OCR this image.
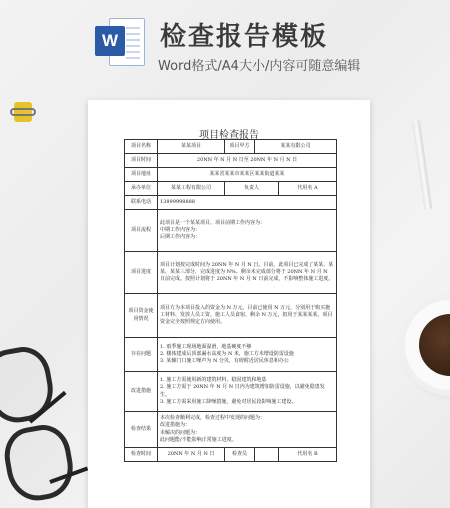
W 检查报告模板
Word格式/A4大小/内容可随意编辑
项目检查报告
项目名称	某某项目	项目甲方	某某有限公司	
项目时间	20NN 年 N 月 N 日至 20NN 年 N 月 N 日			
项目地址	某某省某某市某某区某某街道某某			
承办单位	某某工程有限公司	负责人		代用名 A
联系电话	13899998888			
项目流程	此项目是一个某某项目。项目前期工作内容为：
中期工作内容为：
后期工作内容为：			

项目进度	项目计划按完成时间为 20NN 年 N 月 N 日。目前，此项目已完成了某某、某某、某某三部分，完成进度为 N%。剩余未完成部分将于 20NN 年 N 月 N 日前完成。按照计划将于 20NN 年 N 月 N 日前完成，不影响整体施工进度。			
项目资金使用情况	项目方为本项目投入的资金为 N 万元。目前已使用 N 万元，分别用于购买施工材料、发放人员工资、施工人员食宿。剩余 N 万元，拟用于某某某某，项目资金完全按照规定方向使用。			
存在问题	1. 雨季施工现场地面湿滑，地基硬度不够
2. 楼体建成后顶部漏水高度为 N 米，施工方未增设防雷设施
3. 某辅门口施工噪声为 N 分贝，有碍附近居民休息和办公			

改进措施	1. 施工方需使用新的建筑材料，稳固建筑和地基
2. 施工方需于 20NN 年 N 月 N 日内为建筑增加防雷设施，以避免隐患发生。
3. 施工方需采用施工降噪措施，避免对居民段影响施工建设。			

检查结果	本次检查顺利完成，检查过程中发现的问题为：
改进措施为：
未解决的问题为：
此问题能/不能影响正常施工进度。			

检查时间	20NN 年 N 月 N 日	检查员		代用名 B
